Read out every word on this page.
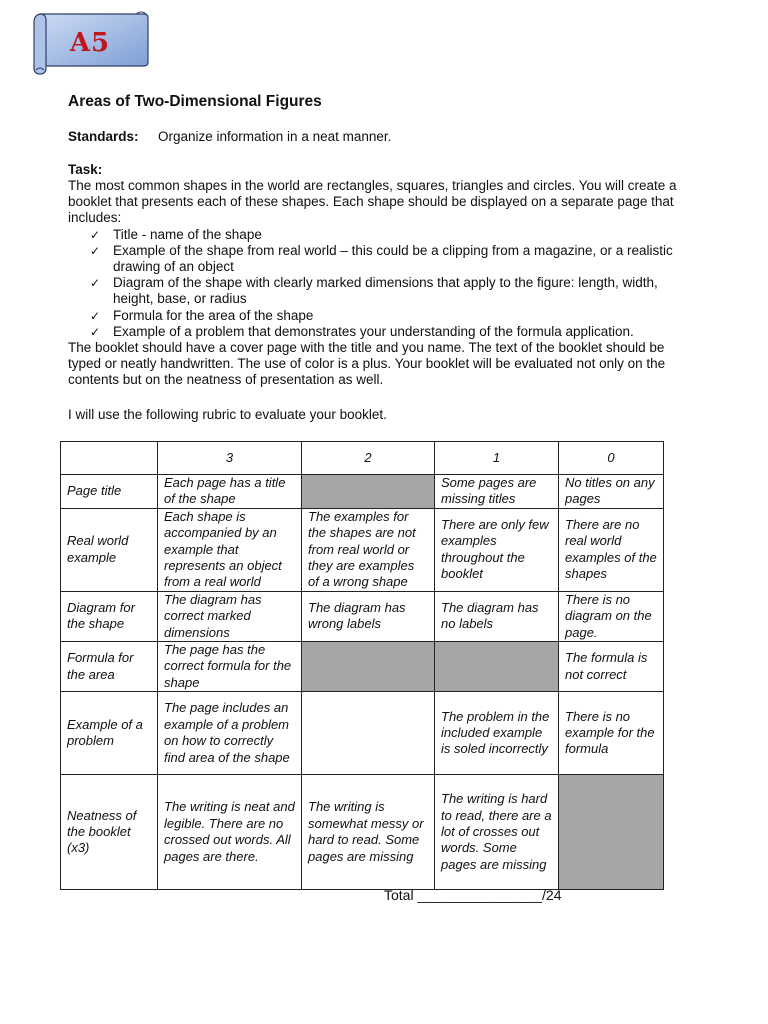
A5
Areas of Two-Dimensional Figures
Standards: Organize information in a neat manner.
Task:

The most common shapes in the world are rectangles, squares, triangles and circles. You will create a booklet that presents each of these shapes. Each shape should be displayed on a separate page that includes:

✓ Title - name of the shape
✓ Example of the shape from real world – this could be a clipping from a magazine, or a realistic drawing of an object
✓ Diagram of the shape with clearly marked dimensions that apply to the figure: length, width, height, base, or radius
✓ Formula for the area of the shape
✓ Example of a problem that demonstrates your understanding of the formula application.

The booklet should have a cover page with the title and you name. The text of the booklet should be typed or neatly handwritten. The use of color is a plus. Your booklet will be evaluated not only on the contents but on the neatness of presentation as well.

I will use the following rubric to evaluate your booklet.
	3	2	1	0
Page title	Each page has a title of the shape		Some pages are missing titles	No titles on any pages
Real world example	Each shape is accompanied by an example that represents an object from a real world	The examples for the shapes are not from real world or they are examples of a wrong shape	There are only few examples throughout the booklet	There are no real world examples of the shapes
Diagram for the shape	The diagram has correct marked dimensions	The diagram has wrong labels	The diagram has no labels	There is no diagram on the page.
Formula for the area	The page has the correct formula for the shape			The formula is not correct
Example of a problem	The page includes an example of a problem on how to correctly find area of the shape		The problem in the included example is soled incorrectly	There is no example for the formula
Neatness of the booklet (x3)	The writing is neat and legible. There are no crossed out words. All pages are there.	The writing is somewhat messy or hard to read. Some pages are missing	The writing is hard to read, there are a lot of crosses out words. Some pages are missing	
Total ________________/24
